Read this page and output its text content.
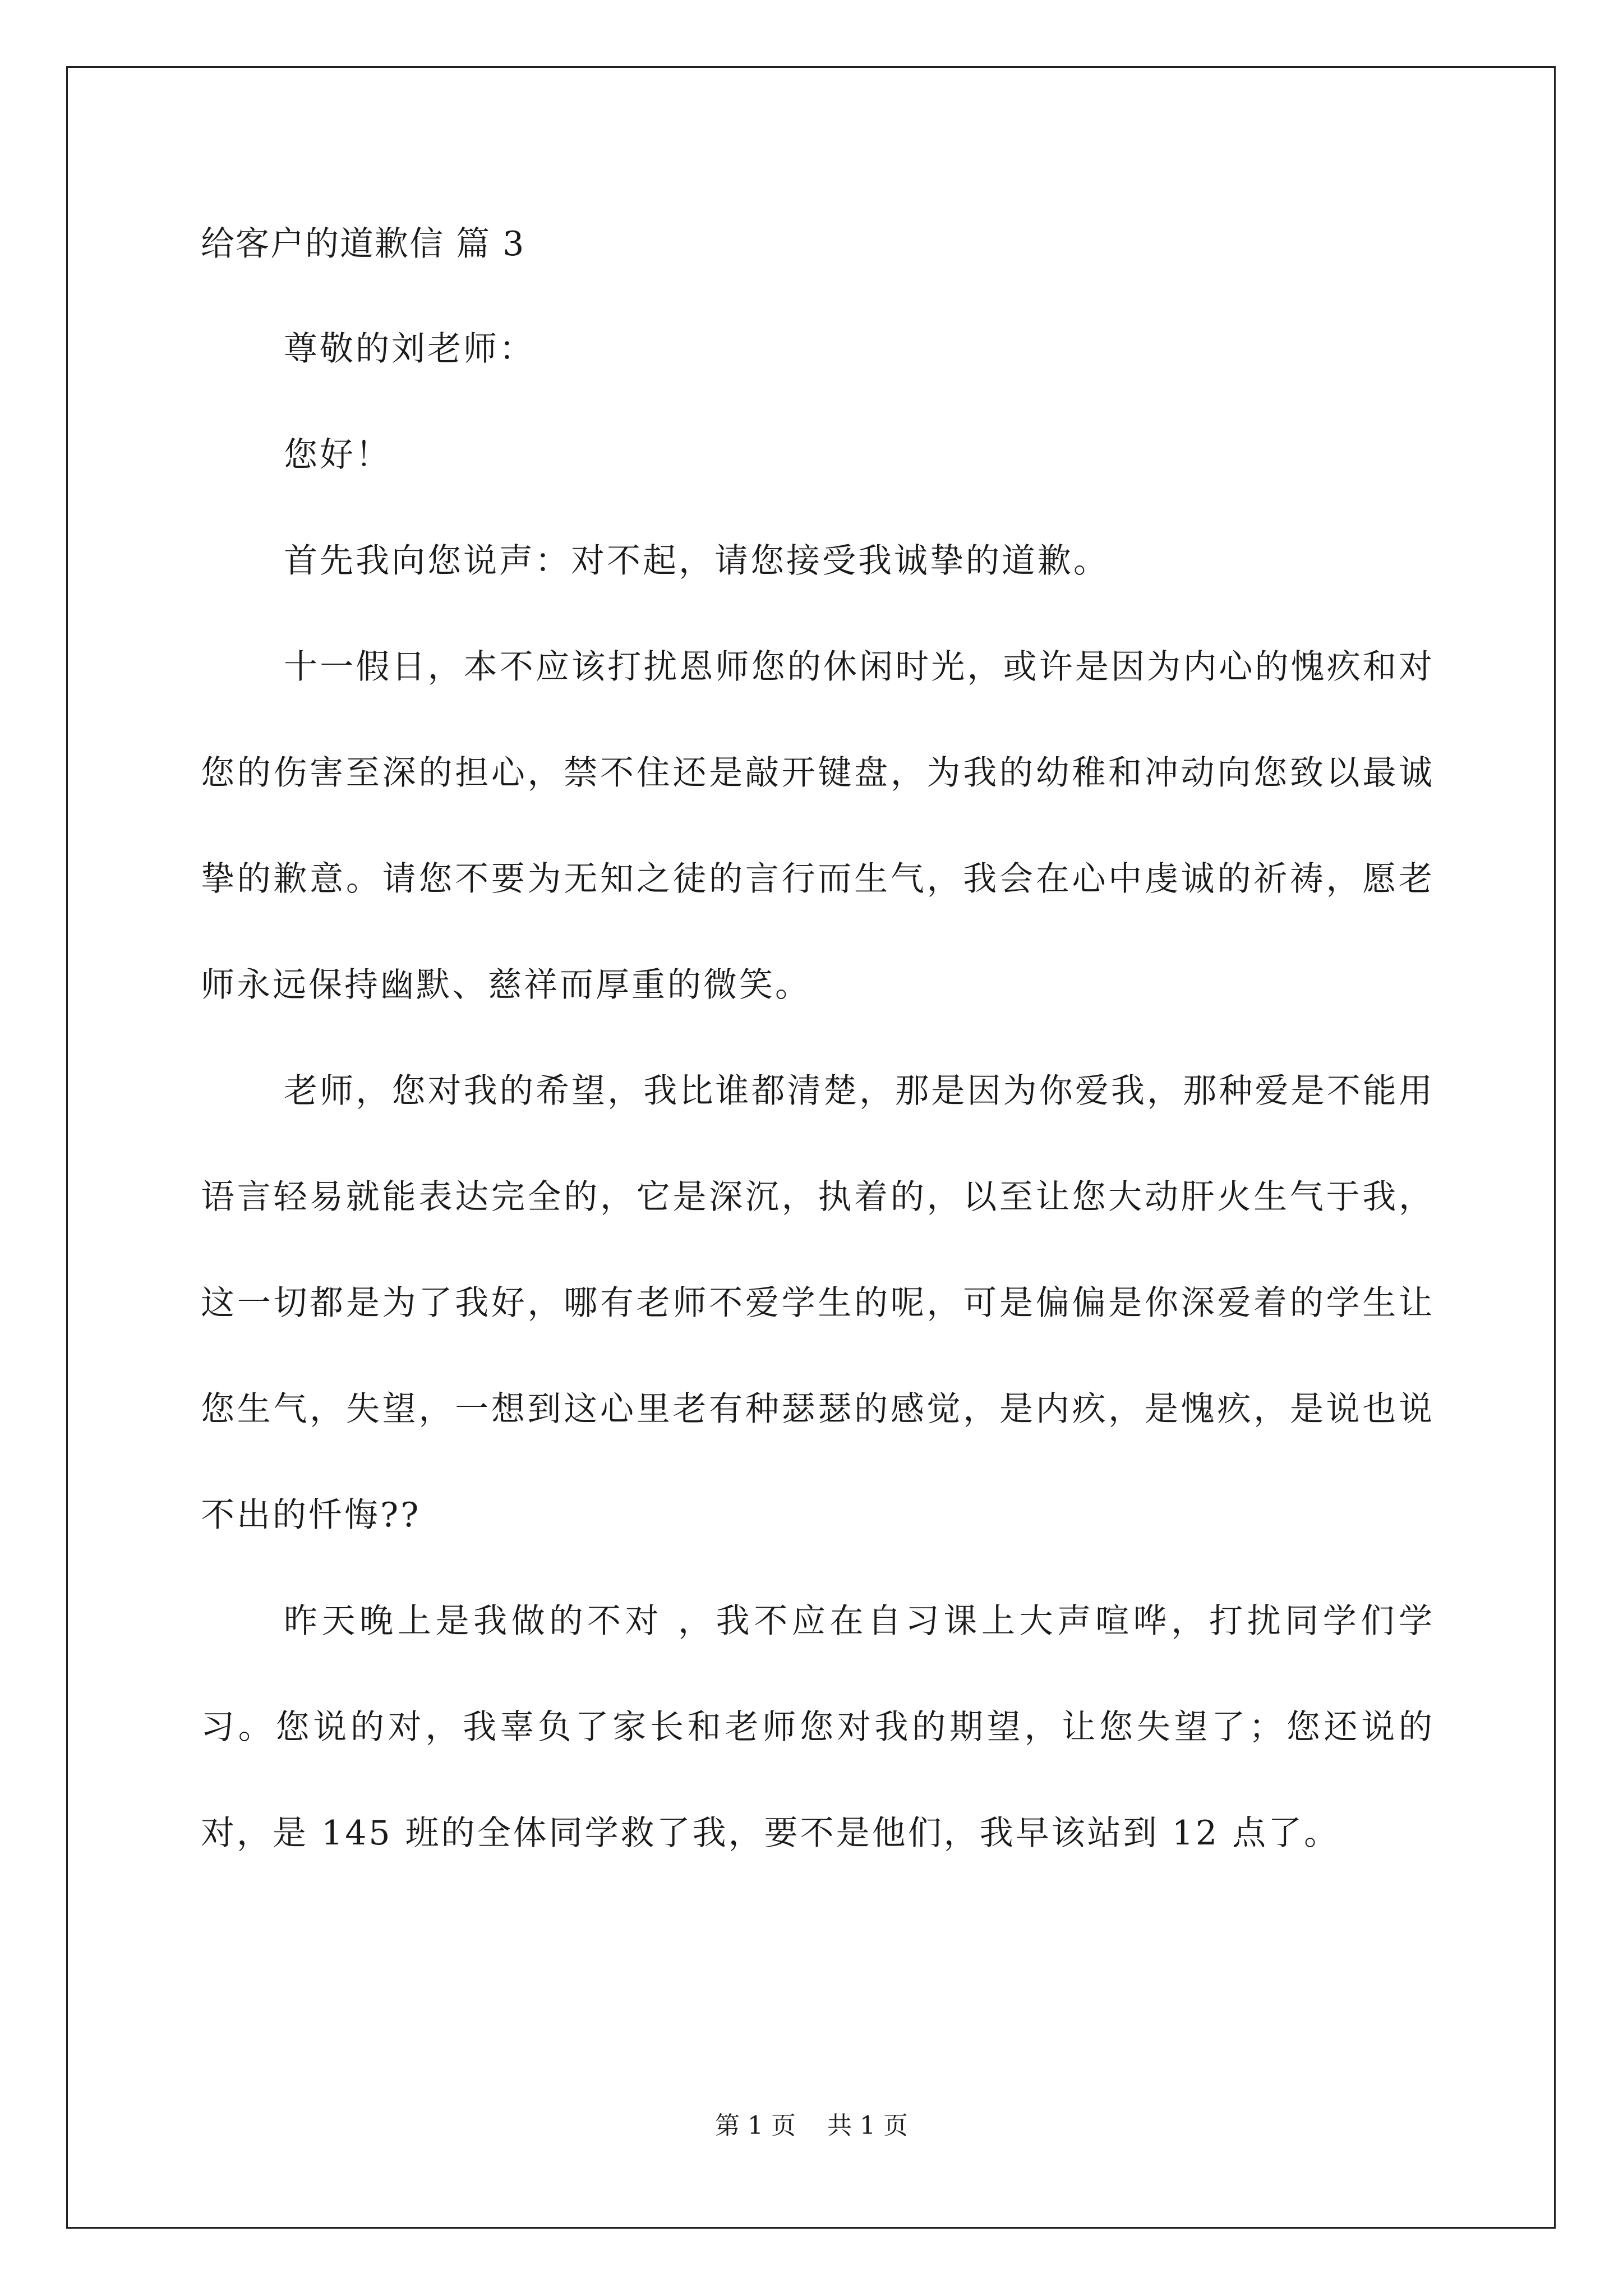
给客户的道歉信 篇 3

尊敬的刘老师：

您好！

首先我向您说声：对不起，请您接受我诚挚的道歉。

十一假日，本不应该打扰恩师您的休闲时光，或许是因为内心的愧疚和对您的伤害至深的担心，禁不住还是敲开键盘，为我的幼稚和冲动向您致以最诚挚的歉意。请您不要为无知之徒的言行而生气，我会在心中虔诚的祈祷，愿老师永远保持幽默、慈祥而厚重的微笑。

老师，您对我的希望，我比谁都清楚，那是因为你爱我，那种爱是不能用语言轻易就能表达完全的，它是深沉，执着的，以至让您大动肝火生气于我，这一切都是为了我好，哪有老师不爱学生的呢，可是偏偏是你深爱着的学生让您生气，失望，一想到这心里老有种瑟瑟的感觉，是内疚，是愧疚，是说也说不出的忏悔??

昨天晚上是我做的不对 ，我不应在自习课上大声喧哗，打扰同学们学习。您说的对，我辜负了家长和老师您对我的期望，让您失望了；您还说的对，是 145 班的全体同学救了我，要不是他们，我早该站到 12 点了。

第 1 页    共 1 页
